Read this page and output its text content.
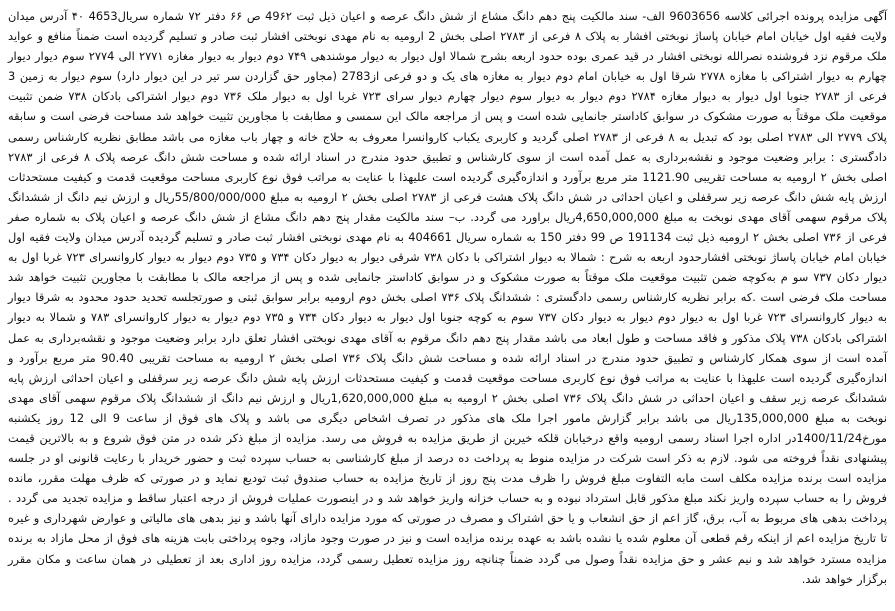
آگهی مزایده پرونده اجرائی کلاسه 9603656 الف- سند مالکیت پنج دهم دانگ مشاع از شش دانگ عرصه و اعیان ذیل ثبت 49۶۲ ص ۶۶ دفتر ۷۲ شماره سریال4653 ۴۰ آدرس میدان ولایت فقیه اول خیابان امام خیابان پاساژ نوبختی افشار به پلاک ۸ فرعی از ۲۷۸۳ اصلی بخش 2 ارومیه به نام مهدی نوبختی افشار ثبت صادر و تسلیم گردیده است ضمناً منافع و عواید ملک مرقوم نزد فروشنده نصرالله نوبختی افشار در قید عمری بوده حدود اربعه بشرح شمالا اول دیوار به دیوار موشندهی ۷۴۹ دوم دیوار به دیوار مغازه ۲۷۷۱ الی ۲۷۷4 سوم دیوار دیوار چهارم به دیوار اشتراکی با مغازه ۲۷۷۸ شرقا اول به خیابان امام دوم دیوار به مغازه های یک و دو فرعی از2783 (مجاور حق گزاردن سر تیر در این دیوار دارد) سوم دیوار به زمین 3 فرعی از ۲۷۸۳ جنوبا اول دیوار به دیوار مغازه ۲۷۸۴ دوم دیوار به دیوار سوم دیوار چهارم دیوار سرای ۷۲۳ غربا اول به دیوار ملک ۷۳۶ دوم دیوار اشتراکی بادکان ۷۳۸ ضمن تثبیت موقعیت ملک موقتاً به صورت مشکوک در سوابق کاداستر جانمایی شده است و پس از مراجعه مالک این سمسی و مطابقت با مجاورین تثبیت خواهد شد مساحت فرضی است و سابقه پلاک ۲۷۷۹ الی ۲۷۸۳ اصلی بود که تبدیل به ۸ فرعی از ۲۷۸۳ اصلی گردید و کاربری یکباب کاروانسرا معروف به حلاج خانه و چهار باب مغازه می باشد مطابق نظریه کارشناس رسمی دادگستری : برابر وضعیت موجود و نقشه‌برداری به عمل آمده است از سوی کارشناس و تطبیق حدود مندرج در اسناد ارائه شده و مساحت شش دانگ عرصه پلاک ۸ فرعی از ۲۷۸۳ اصلی بخش ۲ ارومیه به مساحت تقریبی 1121.90 متر مربع برآورد و اندازه‌گیری گردیده است علیهذا با عنایت به مراتب فوق نوع کاربری مساحت موقعیت قدمت و کیفیت مستحدثات ارزش پایه شش دانگ عرصه زیر سرقفلی و اعیان احداثی در شش دانگ پلاک هشت فرعی از ۲۷۸۳ اصلی بخش ۲ ارومیه به مبلغ 55/800/000/000ریال و ارزش نیم دانگ از ششدانگ پلاک مرقوم سهمی آقای مهدی نوبخت به مبلغ 4,650,000,000ریال براورد می گردد. ب– سند مالکیت مقدار پنج دهم دانگ مشاع از شش دانگ عرصه و اعیان پلاک به شماره صفر فرعی از ۷۳۶ اصلی بخش ۲ ارومیه ذیل ثبت 191134 ص 99 دفتر 150 به شماره سریال 404661 به نام مهدی نوبختی افشار ثبت صادر و تسلیم گردیده آدرس میدان ولایت فقیه اول خیابان امام خیابان پاساژ نوبختی افشارحدود اربعه به شرح : شمالا به دیوار اشتراکی با دکان ۷۳۸ شرقی دیوار به دیوار دکان ۷۳۴ و ۷۳۵ دوم دیوار به دیوار کاروانسرای ۷۲۳ غربا اول به دیوار دکان ۷۳۷ سو م به‌کوچه ضمن تثبیت موقعیت ملک موقتاً به صورت مشکوک و در سوابق کاداستر جانمایی شده و پس از مراجعه مالک با مطابقت با مجاورین تثبیت خواهد شد مساحت ملک فرضی است .که برابر نظریه کارشناس رسمی دادگستری : ششدانگ پلاک ۷۳۶ اصلی بخش دوم ارومیه برابر سوابق ثبتی و صورتجلسه تحدید حدود محدود به شرقا دیوار به دیوار کاروانسرای ۷۲۳ غربا اول به دیوار دوم دیوار به دیوار دکان ۷۳۷ سوم به کوچه جنوبا اول دیوار به دیوار دکان ۷۳۴ و ۷۳۵ دوم دیوار به دیوار کاروانسرای ۷۸۳ و شمالا به دیوار اشتراکی بادکان ۷۳۸ پلاک مذکور و فاقد مساحت و طول ابعاد می باشد مقدار پنج دهم دانگ مرقوم به آقای مهدی نوبختی افشار تعلق دارد برابر وضعیت موجود و نقشه‌برداری به عمل آمده است از سوی همکار کارشناس و تطبیق حدود مندرج در اسناد ارائه شده و مساحت شش دانگ پلاک ۷۳۶ اصلی بخش ۲ ارومیه به مساحت تقریبی 90.40 متر مربع برآورد و اندازه‌گیری گردیده است علیهذا با عنایت به مراتب فوق نوع کاربری مساحت موقعیت قدمت و کیفیت مستحدثات ارزش پایه شش دانگ عرصه زیر سرقفلی و اعیان احداثی ارزش پایه ششدانگ عرصه زیر سقف و اعیان احداثی در شش دانگ پلاک ۷۳۶ اصلی بخش ۲ ارومیه به مبلغ 1,620,000,000ریال و ارزش نیم دانگ از ششدانگ پلاک مرقوم سهمی آقای مهدی نوبخت به مبلغ 135,000,000ریال می باشد برابر گزارش مامور اجرا ملک های مذکور در تصرف اشخاص دیگری می باشد و پلاک های فوق از ساعت 9 الی 12 روز یکشنبه مورخ1400/11/24در اداره اجرا اسناد رسمی ارومیه واقع درخیابان قلکه خیرین از طریق مزایده به فروش می رسد. مزایده از مبلغ ذکر شده در متن فوق شروع و به بالاترین قیمت پیشنهادی نقداً فروخته می شود. لازم به ذکر است شرکت در مزایده منوط به پرداخت ده درصد از مبلغ کارشناسی به حساب سپرده ثبت و حضور خریدار با رعایت قانونی او در جلسه مزایده است برنده مزایده مکلف است مابه التفاوت مبلغ فروش را ظرف مدت پنج روز از تاریخ مزایده به حساب صندوق ثبت تودیع نماید و در صورتی که ظرف مهلت مقرر، مانده فروش را به حساب سپرده واریز نکند مبلغ مذکور قابل استرداد نبوده و به حساب خزانه واریز خواهد شد و در اینصورت عملیات فروش از درجه اعتبار ساقط و مزایده تجدید می گردد . پرداخت بدهی های مربوط به آب، برق، گاز اعم از حق انشعاب و یا حق اشتراک و مصرف در صورتی که مورد مزایده دارای آنها باشد و نیز بدهی های مالیاتی و عوارض شهرداری و غیره تا تاریخ مزایده اعم از اینکه رقم قطعی آن معلوم شده یا نشده باشد به عهده برنده مزایده است و نیز در صورت وجود مازاد، وجوه پرداختی بابت هزینه های فوق از محل مازاد به برنده مزایده مسترد خواهد شد و نیم عشر و حق مزایده نقداً وصول می گردد ضمناً چنانچه روز مزایده تعطیل رسمی گردد، مزایده روز اداری بعد از تعطیلی در همان ساعت و مکان مقرر برگزار خواهد شد.
